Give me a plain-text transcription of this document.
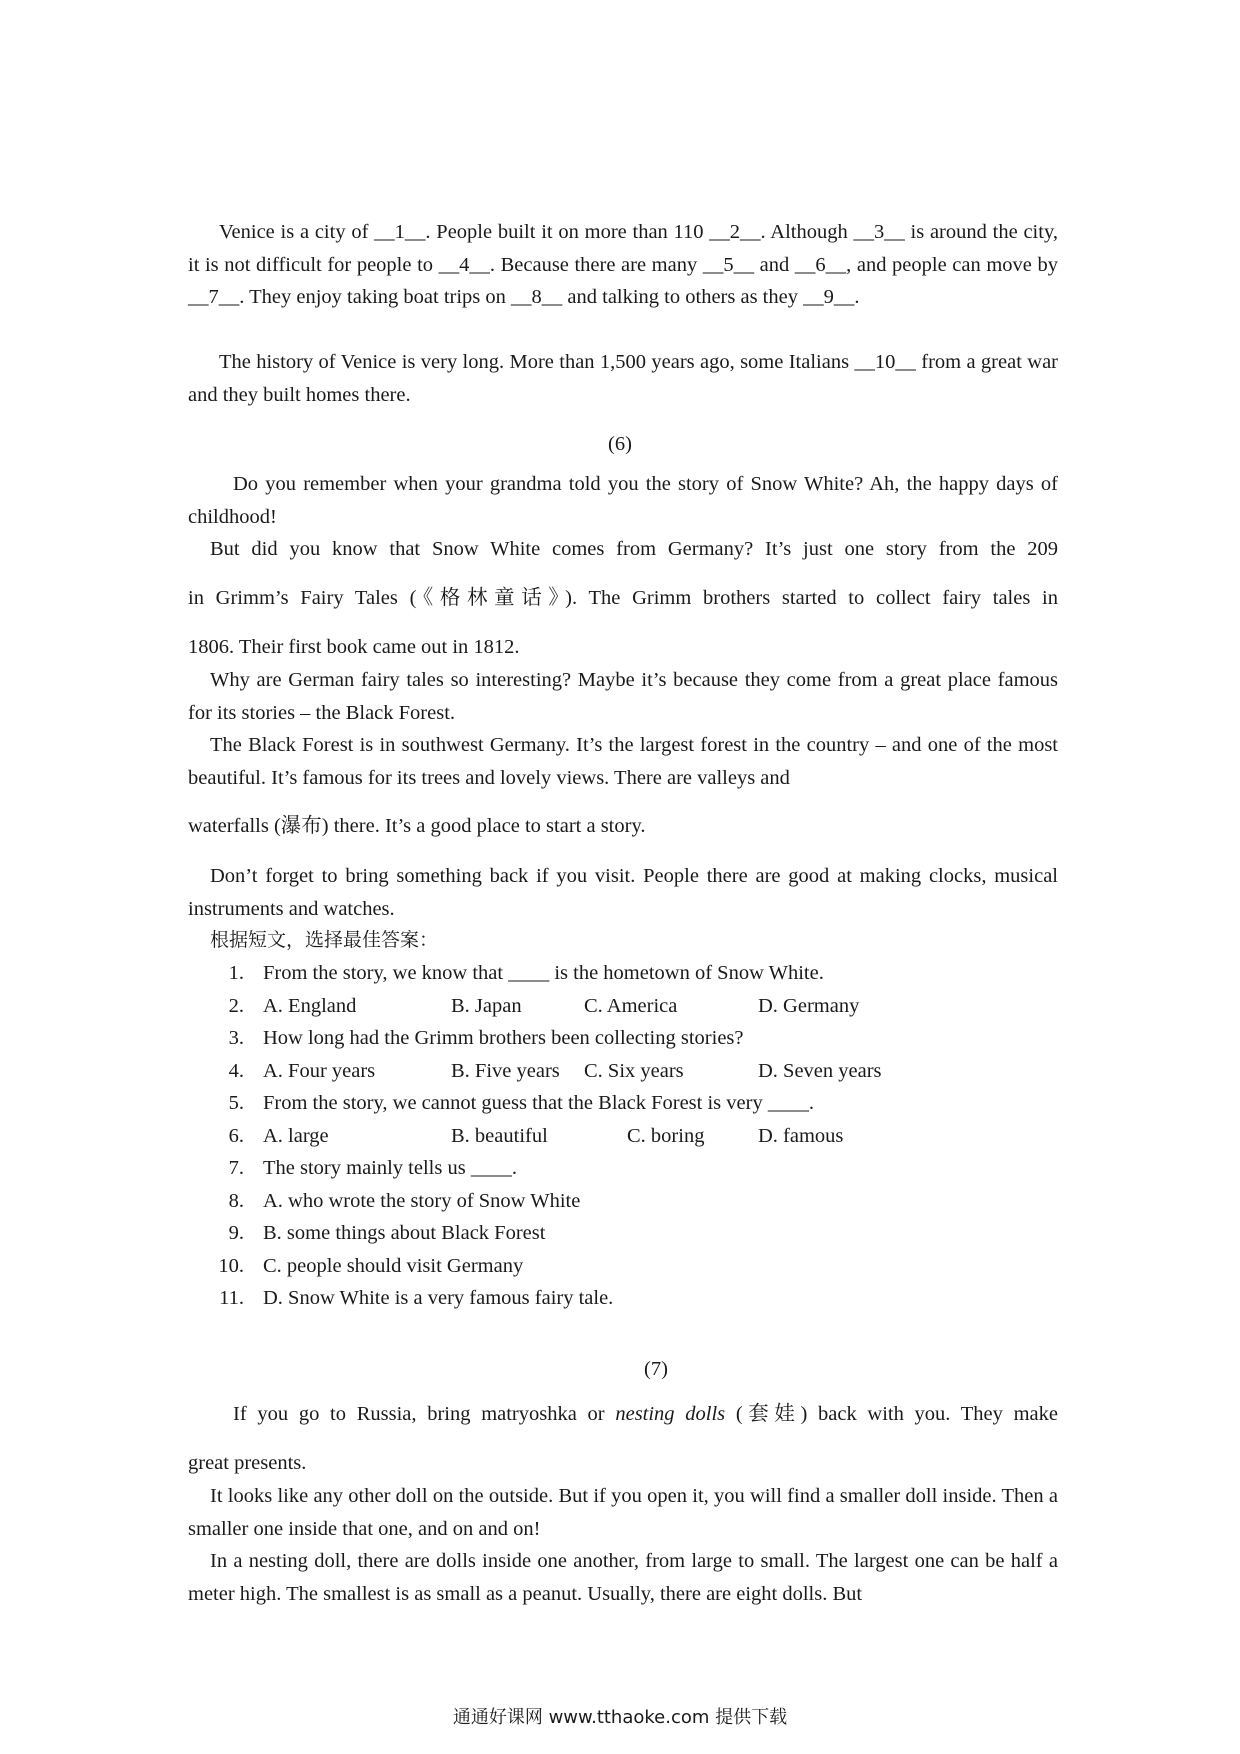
Venice is a city of __1__. People built it on more than 110 __2__. Although __3__ is around the city, it is not difficult for people to __4__. Because there are many __5__ and __6__, and people can move by __7__. They enjoy taking boat trips on __8__ and talking to others as they __9__.

The history of Venice is very long. More than 1,500 years ago, some Italians __10__ from a great war and they built homes there.

(6)

Do you remember when your grandma told you the story of Snow White? Ah, the happy days of childhood!

But did you know that Snow White comes from Germany? It’s just one story from the 209
in Grimm’s Fairy Tales (《格林童话》). The Grimm brothers started to collect fairy tales in
1806. Their first book came out in 1812.

Why are German fairy tales so interesting? Maybe it’s because they come from a great place famous for its stories – the Black Forest.

The Black Forest is in southwest Germany. It’s the largest forest in the country – and one of the most beautiful. It’s famous for its trees and lovely views. There are valleys and

waterfalls (瀑布) there. It’s a good place to start a story.

Don’t forget to bring something back if you visit. People there are good at making clocks, musical instruments and watches.

根据短文，选择最佳答案：
1. From the story, we know that ____ is the hometown of Snow White.
2. A. England	B. Japan	C. America	D. Germany
3. How long had the Grimm brothers been collecting stories?
4. A. Four years	B. Five years	C. Six years	D. Seven years
5. From the story, we cannot guess that the Black Forest is very ____.
6. A. large	B. beautiful	C. boring	D. famous
7. The story mainly tells us ____.
8. A. who wrote the story of Snow White
9. B. some things about Black Forest
10. C. people should visit Germany
11. D. Snow White is a very famous fairy tale.
(7)
If you go to Russia, bring matryoshka or nesting dolls (套娃) back with you. They make
great presents.

It looks like any other doll on the outside. But if you open it, you will find a smaller doll inside. Then a smaller one inside that one, and on and on!

In a nesting doll, there are dolls inside one another, from large to small. The largest one can be half a meter high. The smallest is as small as a peanut. Usually, there are eight dolls. But

通通好课网 www.tthaoke.com 提供下载
